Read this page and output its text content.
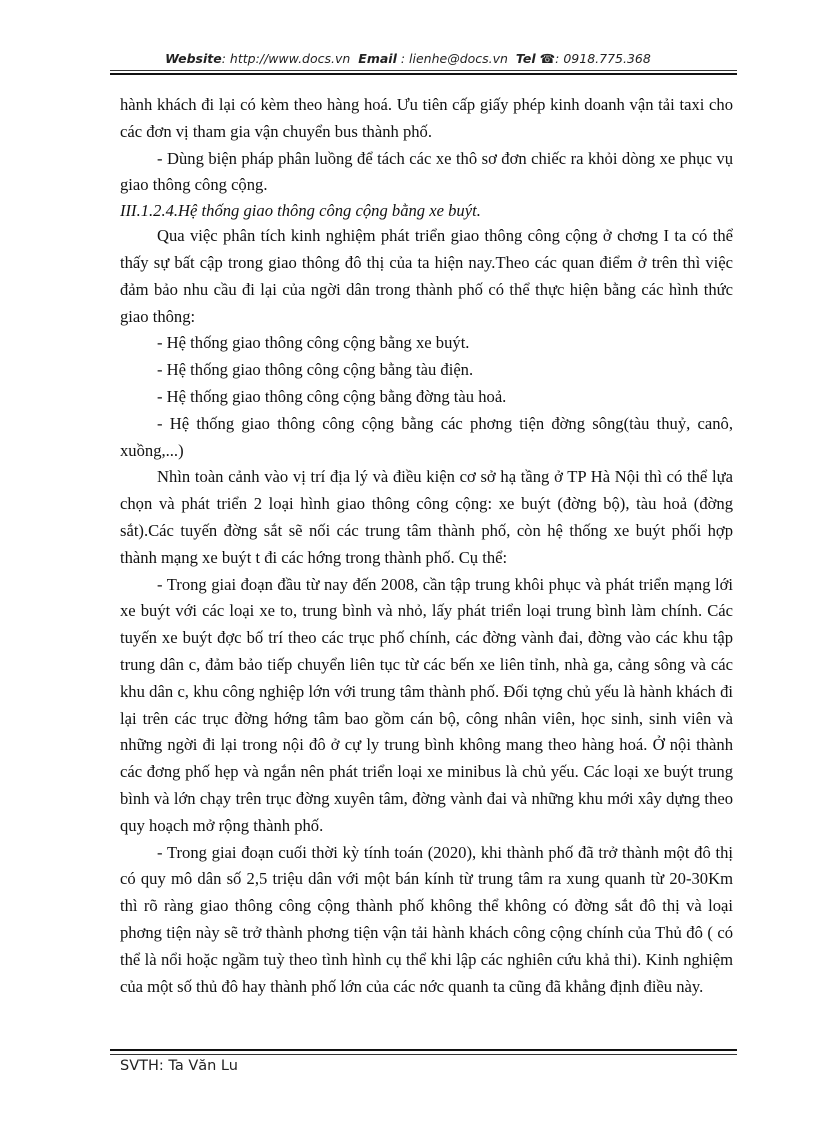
Website: http://www.docs.vn Email : lienhe@docs.vn Tel ☎: 0918.775.368

hành khách đi lại có kèm theo hàng hoá. Ưu tiên cấp giấy phép kinh doanh vận tải taxi cho các đơn vị tham gia vận chuyển bus thành phố.

- Dùng biện pháp phân luồng để tách các xe thô sơ đơn chiếc ra khỏi dòng xe phục vụ giao thông công cộng.

III.1.2.4.Hệ thống giao thông công cộng bằng xe buýt.

Qua việc phân tích kinh nghiệm phát triển giao thông công cộng ở chơng I ta có thể thấy sự bất cập trong giao thông đô thị của ta hiện nay.Theo các quan điểm ở trên thì việc đảm bảo nhu cầu đi lại của ngời dân trong thành phố có thể thực hiện bằng các hình thức giao thông:

- Hệ thống giao thông công cộng bằng xe buýt.

- Hệ thống giao thông công cộng bằng tàu điện.

- Hệ thống giao thông công cộng bằng đờng tàu hoả.

- Hệ thống giao thông công cộng bằng các phơng tiện đờng sông(tàu thuỷ, canô, xuồng,...)

Nhìn toàn cảnh vào vị trí địa lý và điều kiện cơ sở hạ tầng ở TP Hà Nội thì có thể lựa chọn và phát triển 2 loại hình giao thông công cộng: xe buýt (đờng bộ), tàu hoả (đờng sắt).Các tuyến đờng sắt sẽ nối các trung tâm thành phố, còn hệ thống xe buýt phối hợp thành mạng xe buýt t đi các hớng trong thành phố. Cụ thể:

- Trong giai đoạn đầu từ nay đến 2008, cần tập trung khôi phục và phát triển mạng lới xe buýt với các loại xe to, trung bình và nhỏ, lấy phát triển loại trung bình làm chính. Các tuyến xe buýt đợc bố trí theo các trục phố chính, các đờng vành đai, đờng vào các khu tập trung dân c, đảm bảo tiếp chuyển liên tục từ các bến xe liên tỉnh, nhà ga, cảng sông và các khu dân c, khu công nghiệp lớn với trung tâm thành phố. Đối tợng chủ yếu là hành khách đi lại trên các trục đờng hớng tâm bao gồm cán bộ, công nhân viên, học sinh, sinh viên và những ngời đi lại trong nội đô ở cự ly trung bình không mang theo hàng hoá. Ở nội thành các đơng phố hẹp và ngắn nên phát triển loại xe minibus là chủ yếu. Các loại xe buýt trung bình và lớn chạy trên trục đờng xuyên tâm, đờng vành đai và những khu mới xây dựng theo quy hoạch mở rộng thành phố.

- Trong giai đoạn cuối thời kỳ tính toán (2020), khi thành phố đã trở thành một đô thị có quy mô dân số 2,5 triệu dân với một bán kính từ trung tâm ra xung quanh từ 20-30Km thì rõ ràng giao thông công cộng thành phố không thể không có đờng sắt đô thị và loại phơng tiện này sẽ trở thành phơng tiện vận tải hành khách công cộng chính của Thủ đô ( có thể là nổi hoặc ngầm tuỳ theo tình hình cụ thể khi lập các nghiên cứu khả thi). Kinh nghiệm của một số thủ đô hay thành phố lớn của các nớc quanh ta cũng đã khẳng định điều này.

SVTH: Ta Văn Lu
